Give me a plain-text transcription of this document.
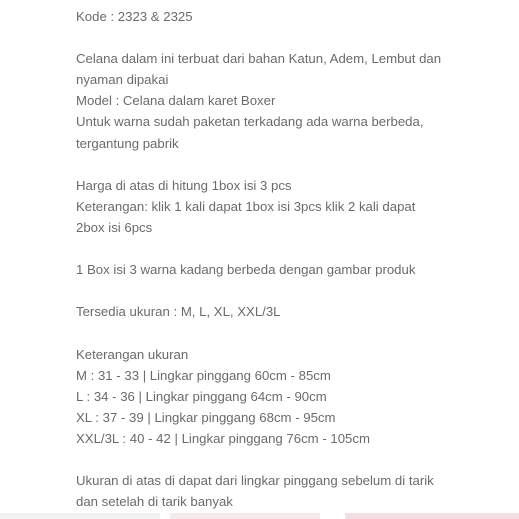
Kode : 2323 & 2325
Celana dalam ini terbuat dari bahan Katun, Adem, Lembut dan
nyaman dipakai
Model : Celana dalam karet Boxer
Untuk warna sudah paketan terkadang ada warna berbeda,
tergantung pabrik
Harga di atas di hitung 1box isi 3 pcs
Keterangan: klik 1 kali dapat 1box isi 3pcs klik 2 kali dapat
2box isi 6pcs
1 Box isi 3 warna kadang berbeda dengan gambar produk
Tersedia ukuran : M, L, XL, XXL/3L
Keterangan ukuran
M : 31 - 33 | Lingkar pinggang 60cm - 85cm
L : 34 - 36 | Lingkar pinggang 64cm - 90cm
XL : 37 - 39 | Lingkar pinggang 68cm - 95cm
XXL/3L : 40 - 42 | Lingkar pinggang 76cm - 105cm
Ukuran di atas di dapat dari lingkar pinggang sebelum di tarik
dan setelah di tarik banyak
